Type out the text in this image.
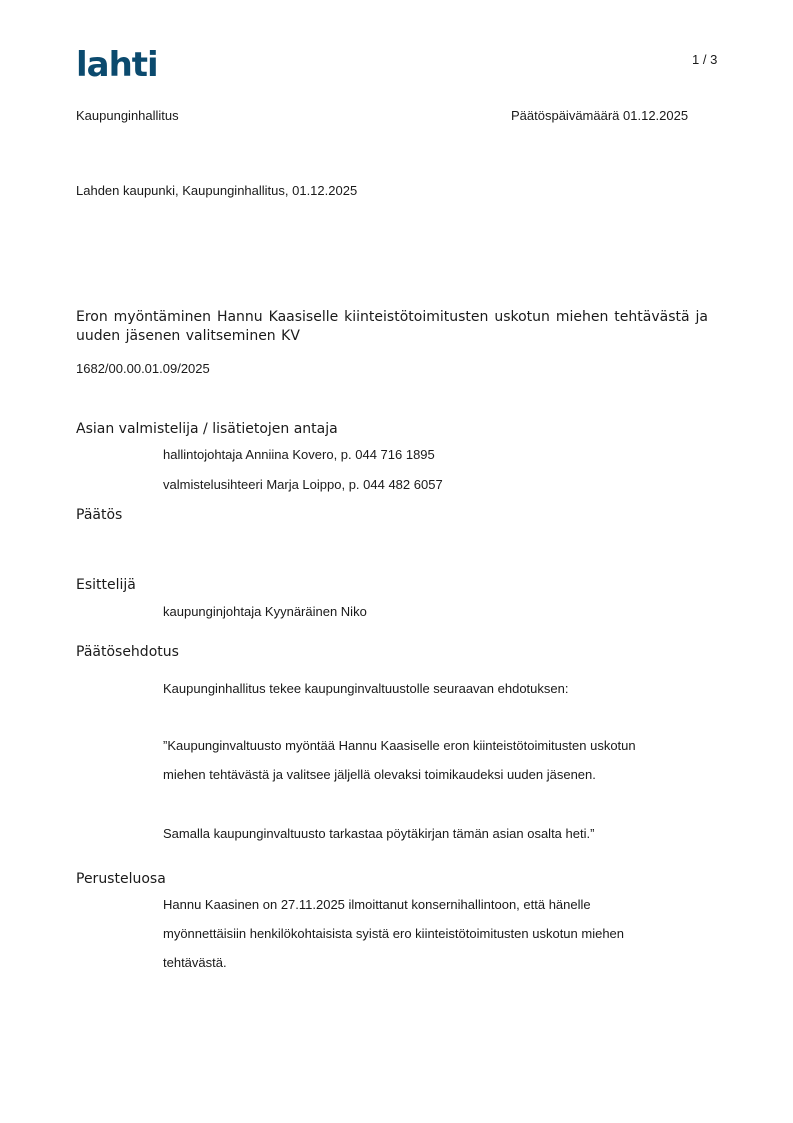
lahti	1 / 3
Kaupunginhallitus	Päätöspäivämäärä 01.12.2025
Lahden kaupunki, Kaupunginhallitus, 01.12.2025
Eron myöntäminen Hannu Kaasiselle kiinteistötoimitusten uskotun miehen tehtävästä ja uuden jäsenen valitseminen KV
1682/00.00.01.09/2025
Asian valmistelija / lisätietojen antaja
hallintojohtaja Anniina Kovero, p. 044 716 1895
valmistelusihteeri Marja Loippo, p. 044 482 6057
Päätös
Esittelijä
kaupunginjohtaja Kyynäräinen Niko
Päätösehdotus
Kaupunginhallitus tekee kaupunginvaltuustolle seuraavan ehdotuksen:
”Kaupunginvaltuusto myöntää Hannu Kaasiselle eron kiinteistötoimitusten uskotun
miehen tehtävästä ja valitsee jäljellä olevaksi toimikaudeksi uuden jäsenen.
Samalla kaupunginvaltuusto tarkastaa pöytäkirjan tämän asian osalta heti.”
Perusteluosa
Hannu Kaasinen on 27.11.2025 ilmoittanut konsernihallintoon, että hänelle
myönnettäisiin henkilökohtaisista syistä ero kiinteistötoimitusten uskotun miehen
tehtävästä.
